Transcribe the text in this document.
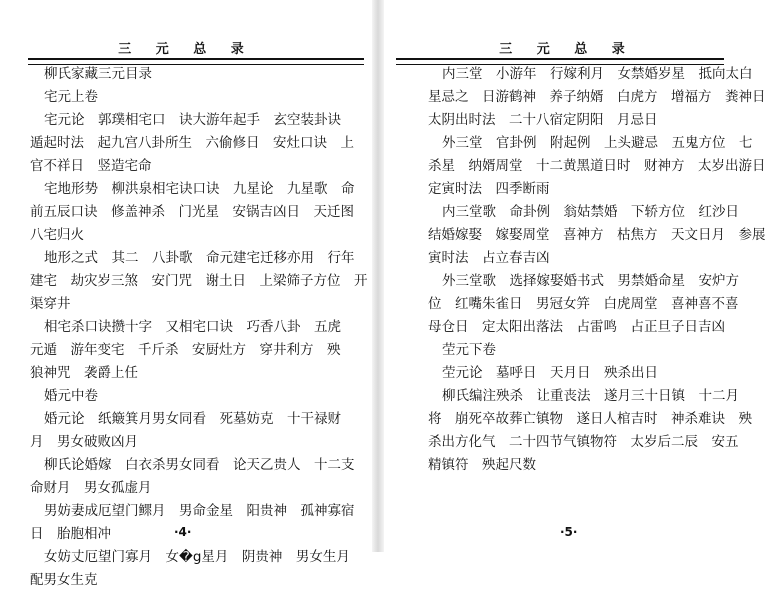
三 元 总 录
柳氏家藏三元目录
宅元上卷
宅元论　郭璞相宅口　诀大游年起手　玄空装卦诀
遁起时法　起九宫八卦所生　六偷修日　安灶口诀　上
官不祥日　竖造宅命
宅地形势　柳洪泉相宅诀口诀　九星论　九星歌　命
前五辰口诀　修盖神杀　门光星　安锅吉凶日　天迁图
八宅归火
地形之式　其二　八卦歌　命元建宅迁移亦用　行年
建宅　劫灾岁三煞　安门咒　谢土日　上梁筛子方位　开
渠穿井
相宅杀口诀攒十字　又相宅口诀　巧香八卦　五虎
元遁　游年变宅　千斤杀　安厨灶方　穿井利方　殃
狼神咒　袭爵上任
婚元中卷
婚元论　纸簸箕月男女同看　死墓妨克　十干禄财
月　男女破败凶月
柳氏论婚嫁　白衣杀男女同看　论天乙贵人　十二支
命财月　男女孤虚月
男妨妻成厄望门鳏月　男命金星　阳贵神　孤神寡宿
日　胎胞相冲
女妨丈厄望门寡月　女�g星月　阴贵神　男女生月
配男女生克
·4·
三 元 总 录
内三堂　小游年　行嫁利月　女禁婚岁星　抵向太白
星忌之　日游鹤神　养子纳婿　白虎方　增福方　粪神日
太阴出时法　二十八宿定阴阳　月忌日
外三堂　官卦例　附起例　上头避忌　五鬼方位　七
杀星　纳婿周堂　十二黄黑道日时　财神方　太岁出游日
定寅时法　四季断雨
内三堂歌　命卦例　翁姑禁婚　下轿方位　红沙日
结婚嫁娶　嫁娶周堂　喜神方　枯焦方　天文日月　参展
寅时法　占立春吉凶
外三堂歌　选择嫁娶婚书式　男禁婚命星　安炉方
位　红嘴朱雀日　男冠女笄　白虎周堂　喜神喜不喜
母仓日　定太阳出落法　占雷鸣　占正旦子日吉凶
茔元下卷
茔元论　墓呼日　天月日　殃杀出日
柳氏编注殃杀　让重丧法　遂月三十日镇　十二月
将　崩死卒故葬亡镇物　遂日人棺吉时　神杀难诀　殃
杀出方化气　二十四节气镇物符　太岁后二辰　安五
精镇符　殃起尺数
·5·
